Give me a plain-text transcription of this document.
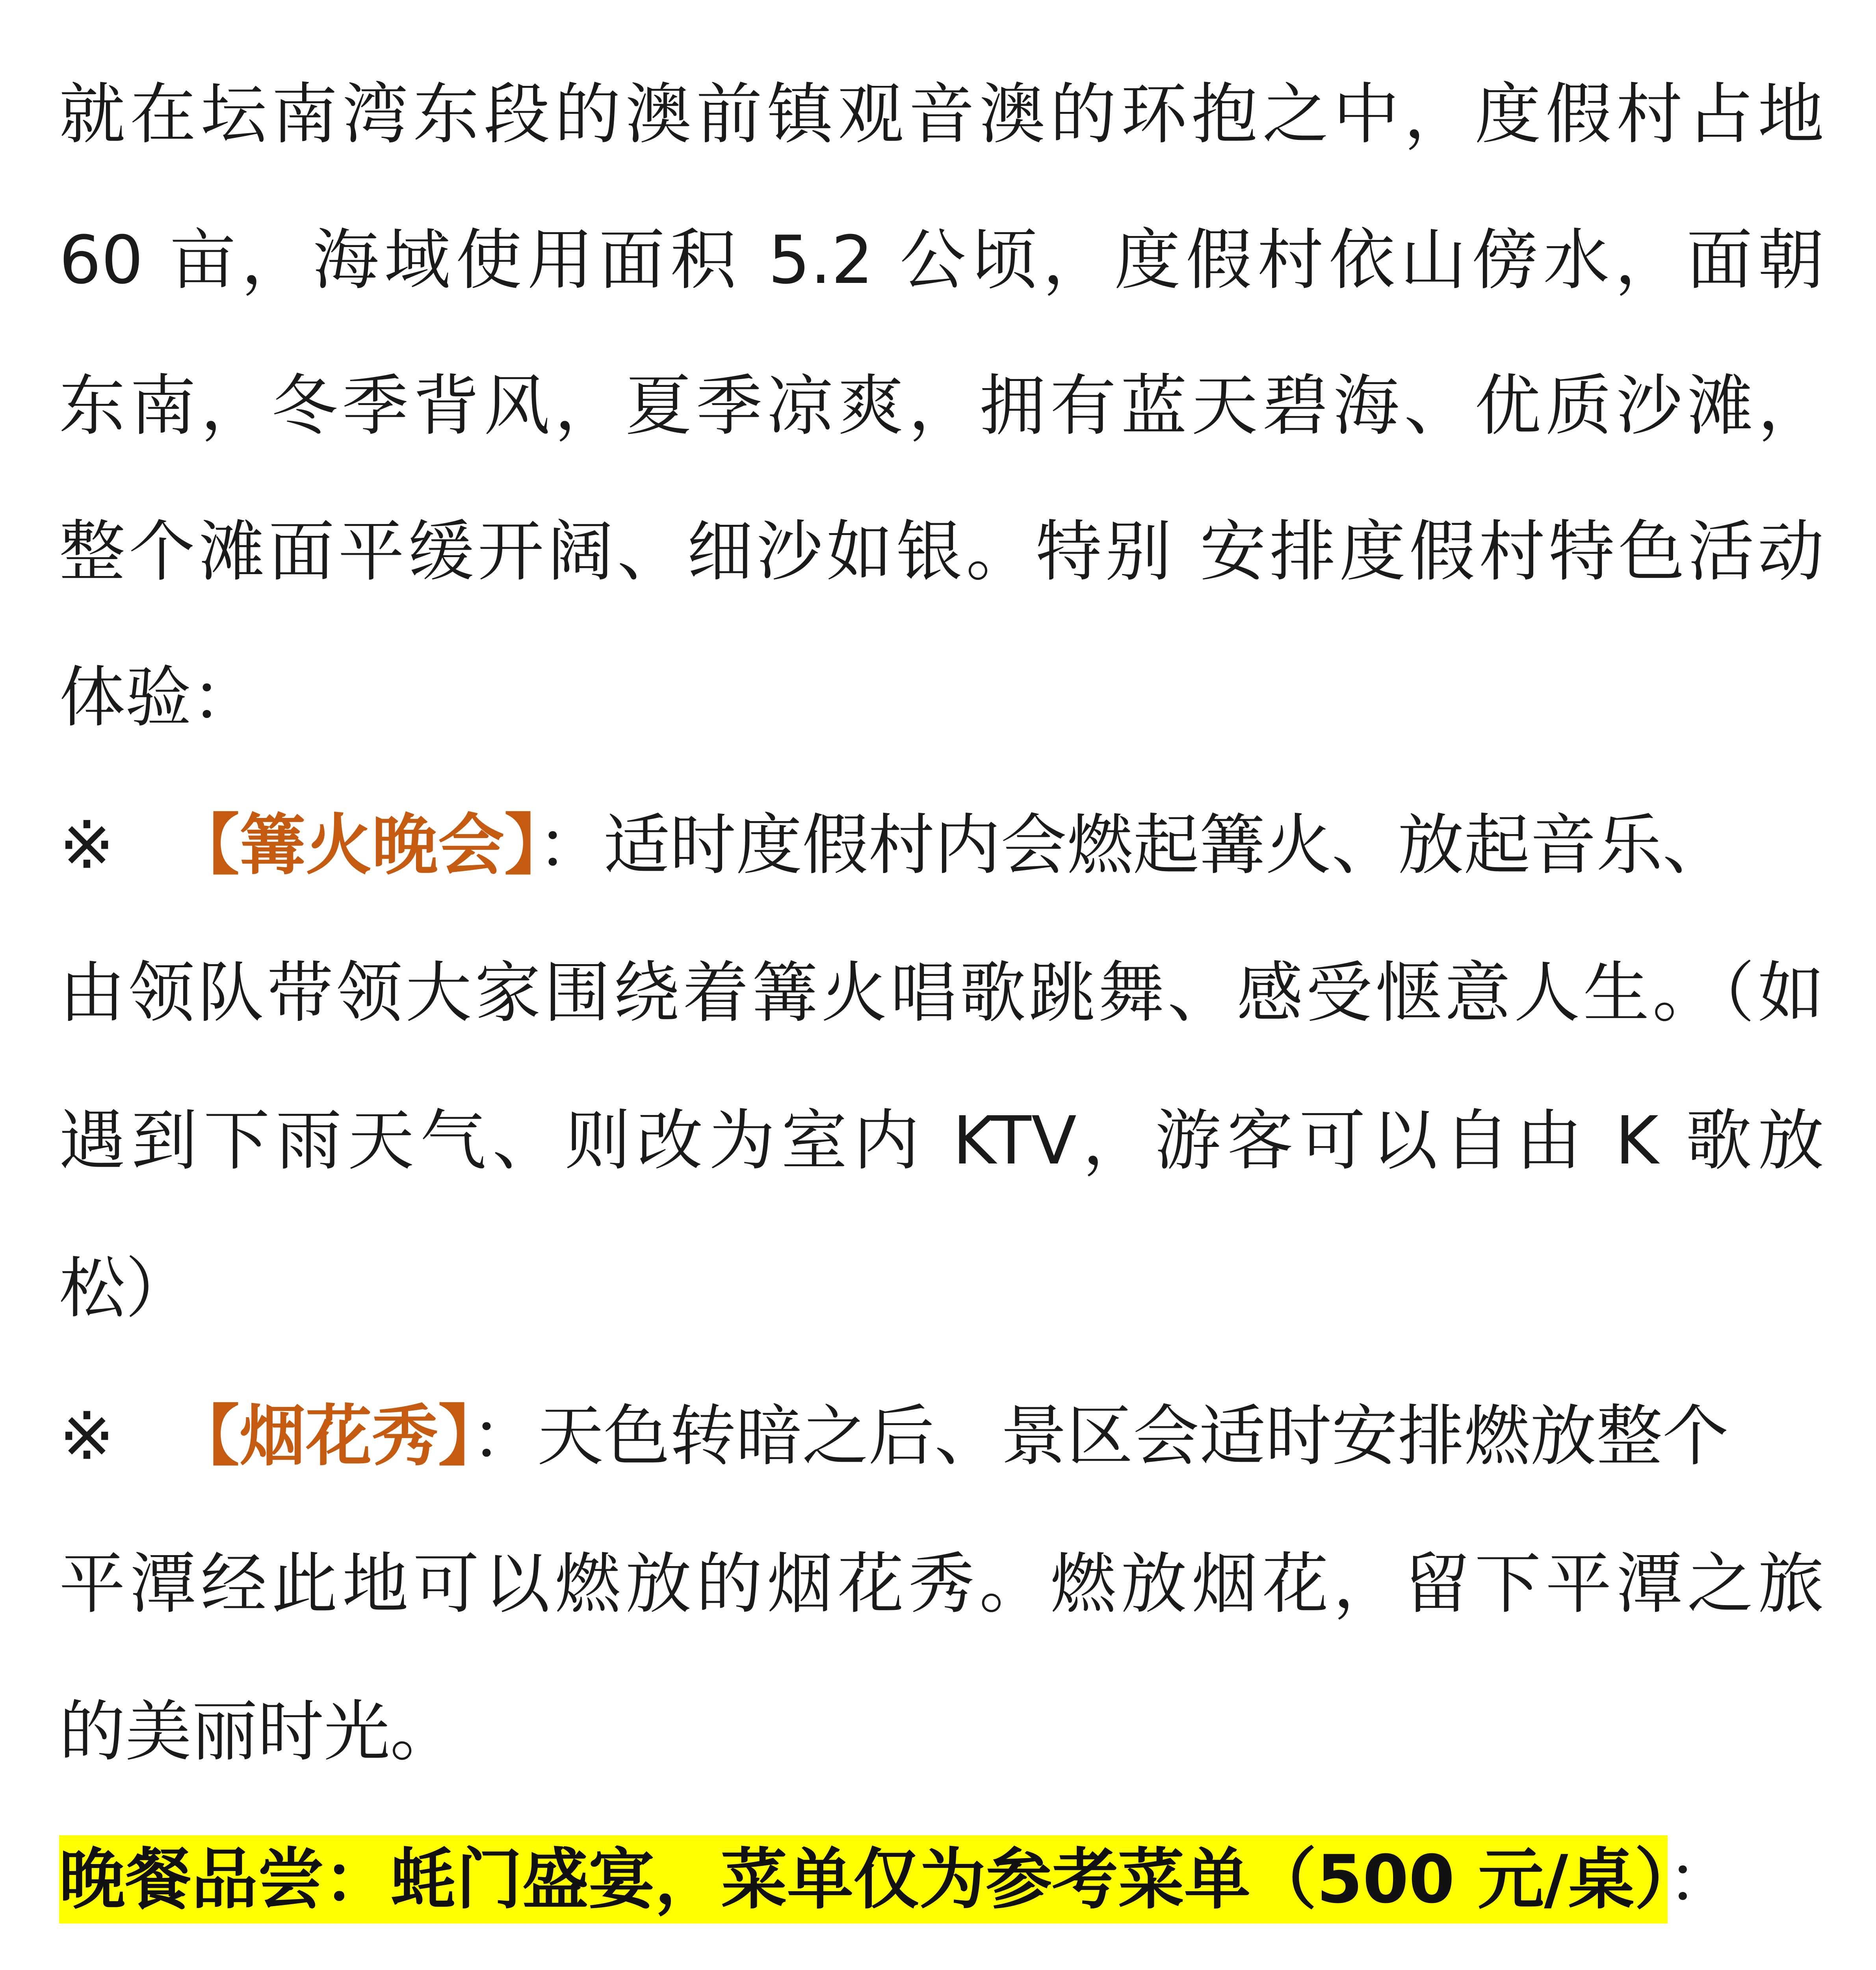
就在坛南湾东段的澳前镇观音澳的环抱之中，度假村占地
60 亩，海域使用面积 5.2 公顷，度假村依山傍水，面朝
东南，冬季背风，夏季凉爽，拥有蓝天碧海、优质沙滩，
整个滩面平缓开阔、细沙如银。特别 安排度假村特色活动
体验：
※ 【篝火晚会】：适时度假村内会燃起篝火、放起音乐、
由领队带领大家围绕着篝火唱歌跳舞、感受惬意人生。（如
遇到下雨天气、则改为室内 KTV，游客可以自由 K 歌放
松）
※ 【烟花秀】：天色转暗之后、景区会适时安排燃放整个
平潭经此地可以燃放的烟花秀。燃放烟花，留下平潭之旅
的美丽时光。
晚餐品尝：蚝门盛宴，菜单仅为参考菜单（500 元/桌）：
